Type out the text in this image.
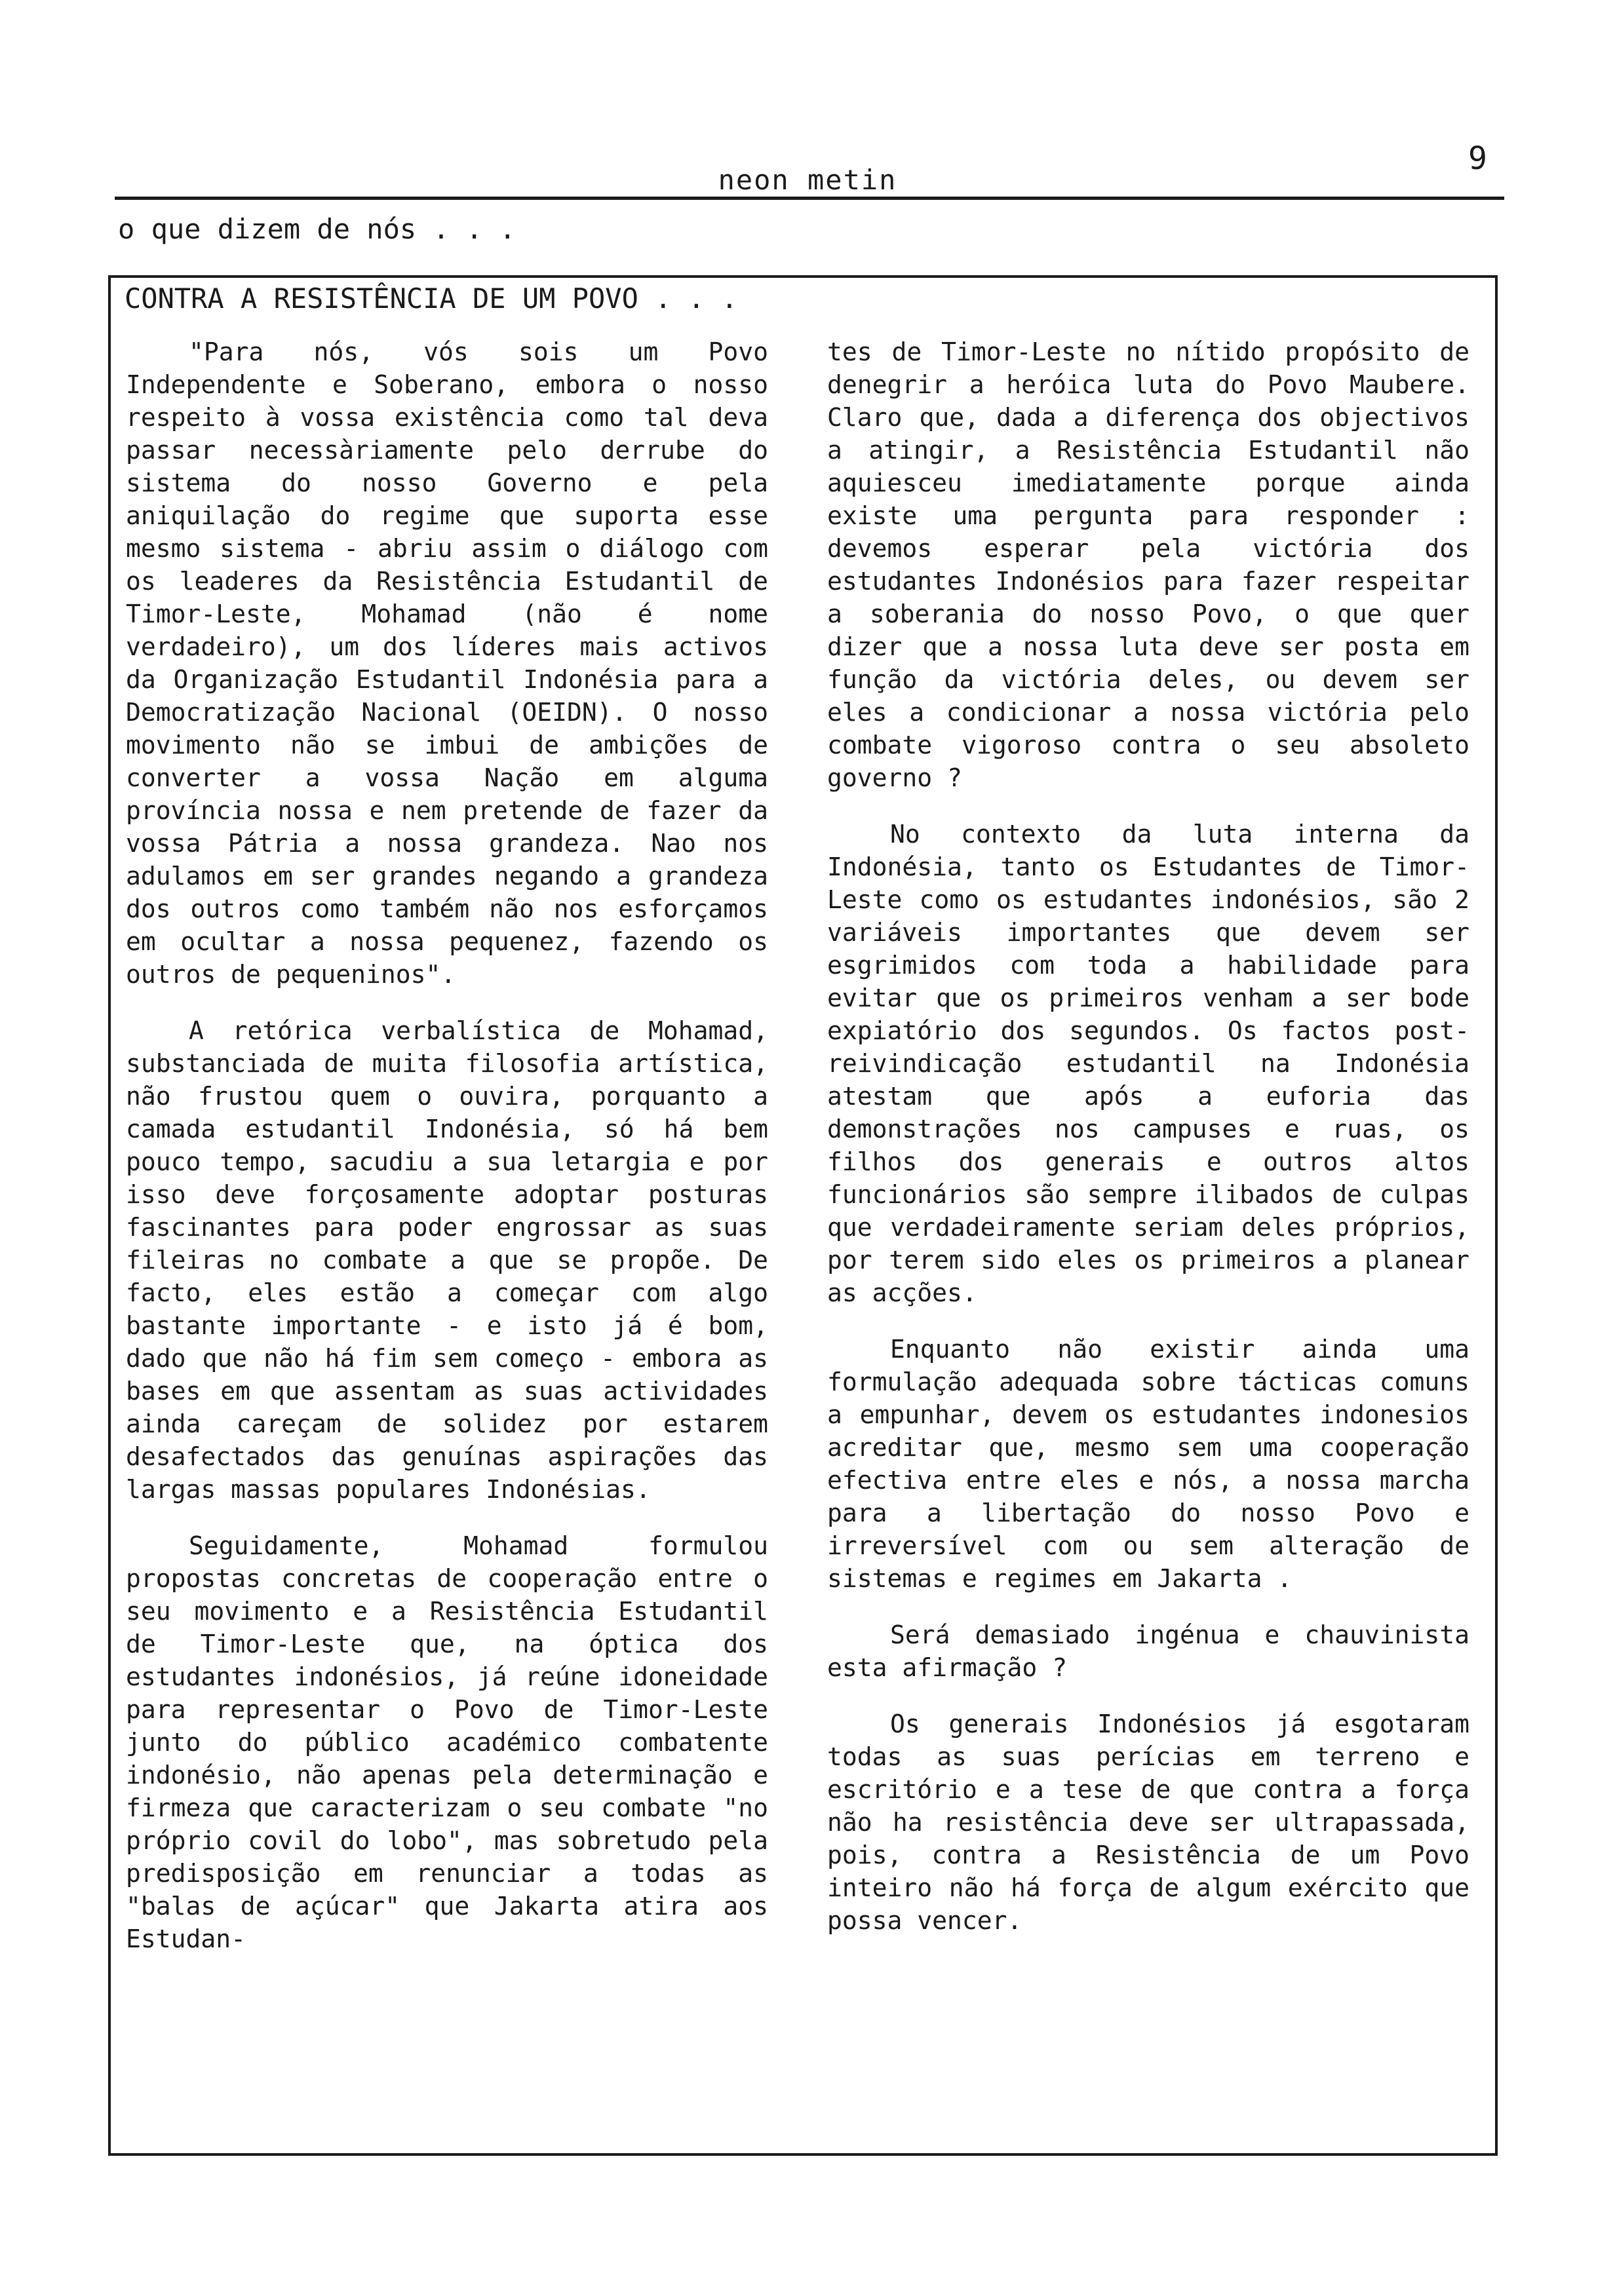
9
neon metin
o que dizem de nós . . .
CONTRA A RESISTÊNCIA DE UM POVO . . .

"Para nós, vós sois um Povo Independente e Soberano, embora o nosso respeito à vossa existência como tal deva passar necessàriamente pelo derrube do sistema do nosso Governo e pela aniquilação do regime que suporta esse mesmo sistema - abriu assim o diálogo com os leaderes da Resistência Estudantil de Timor-Leste, Mohamad (não é nome verdadeiro), um dos líderes mais activos da Organização Estudantil Indonésia para a Democratização Nacional (OEIDN). O nosso movimento não se imbui de ambições de converter a vossa Nação em alguma província nossa e nem pretende de fazer da vossa Pátria a nossa grandeza. Nao nos adulamos em ser grandes negando a grandeza dos outros como também não nos esforçamos em ocultar a nossa pequenez, fazendo os outros de pequeninos".

A retórica verbalística de Mohamad, substanciada de muita filosofia artística, não frustou quem o ouvira, porquanto a camada estudantil Indonésia, só há bem pouco tempo, sacudiu a sua letargia e por isso deve forçosamente adoptar posturas fascinantes para poder engrossar as suas fileiras no combate a que se propõe. De facto, eles estão a começar com algo bastante importante - e isto já é bom, dado que não há fim sem começo - embora as bases em que assentam as suas actividades ainda careçam de solidez por estarem desafectados das genuínas aspirações das largas massas populares Indonésias.

Seguidamente, Mohamad formulou propostas concretas de cooperação entre o seu movimento e a Resistência Estudantil de Timor-Leste que, na óptica dos estudantes indonésios, já reúne idoneidade para representar o Povo de Timor-Leste junto do público académico combatente indonésio, não apenas pela determinação e firmeza que caracterizam o seu combate "no próprio covil do lobo", mas sobretudo pela predisposição em renunciar a todas as "balas de açúcar" que Jakarta atira aos Estudan-

tes de Timor-Leste no nítido propósito de denegrir a heróica luta do Povo Maubere. Claro que, dada a diferença dos objectivos a atingir, a Resistência Estudantil não aquiesceu imediatamente porque ainda existe uma pergunta para responder : devemos esperar pela victória dos estudantes Indonésios para fazer respeitar a soberania do nosso Povo, o que quer dizer que a nossa luta deve ser posta em função da victória deles, ou devem ser eles a condicionar a nossa victória pelo combate vigoroso contra o seu absoleto governo ?

No contexto da luta interna da Indonésia, tanto os Estudantes de Timor-Leste como os estudantes indonésios, são 2 variáveis importantes que devem ser esgrimidos com toda a habilidade para evitar que os primeiros venham a ser bode expiatório dos segundos. Os factos post-reivindicação estudantil na Indonésia atestam que após a euforia das demonstrações nos campuses e ruas, os filhos dos generais e outros altos funcionários são sempre ilibados de culpas que verdadeiramente seriam deles próprios, por terem sido eles os primeiros a planear as acções.

Enquanto não existir ainda uma formulação adequada sobre tácticas comuns a empunhar, devem os estudantes indonesios acreditar que, mesmo sem uma cooperação efectiva entre eles e nós, a nossa marcha para a libertação do nosso Povo e irreversível com ou sem alteração de sistemas e regimes em Jakarta .

Será demasiado ingénua e chauvinista esta afirmação ?

Os generais Indonésios já esgotaram todas as suas perícias em terreno e escritório e a tese de que contra a força não ha resistência deve ser ultrapassada, pois, contra a Resistência de um Povo inteiro não há força de algum exército que possa vencer.
